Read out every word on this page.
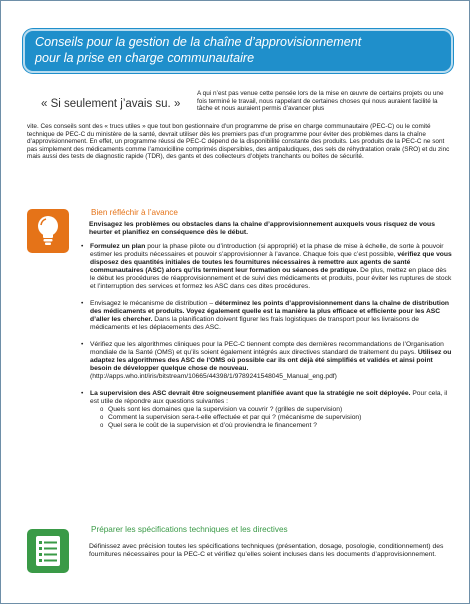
Conseils pour la gestion de la chaîne d’approvisionnement
pour la prise en charge communautaire
« Si seulement j’avais su. »
A qui n’est pas venue cette pensée lors de la mise en œuvre de certains projets ou une fois terminé le travail, nous rappelant de certaines choses qui nous auraient facilité la tâche et nous auraient permis d’avancer plus
vite. Ces conseils sont des « trucs utiles » que tout bon gestionnaire d’un programme de prise en charge communautaire (PEC-C) ou le comité technique de PEC-C du ministère de la santé, devrait utiliser dès les premiers pas d’un programme pour éviter des problèmes dans la chaîne d’approvisionnement. En effet, un programme réussi de PEC-C dépend de la disponibilité constante des produits. Les produits de la PEC-C ne sont pas simplement des médicaments comme l’amoxicilline comprimés dispersibles, des antipaludiques, des sels de réhydratation orale (SRO) et du zinc mais aussi des tests de diagnostic rapide (TDR), des gants et des collecteurs d’objets tranchants ou boîtes de sécurité.
Bien réfléchir à l’avance
Envisagez les problèmes ou obstacles dans la chaîne d’approvisionnement auxquels vous risquez de vous heurter et planifiez en conséquence dès le début.
• Formulez un plan pour la phase pilote ou d’introduction (si approprié) et la phase de mise à échelle, de sorte à pouvoir estimer les produits nécessaires et pouvoir s’approvisionner à l’avance. Chaque fois que c’est possible, vérifiez que vous disposez des quantités initiales de toutes les fournitures nécessaires à remettre aux agents de santé communautaires (ASC) alors qu’ils terminent leur formation ou séances de pratique. De plus, mettez en place dès le début les procédures de réapprovisionnement et de suivi des médicaments et produits, pour éviter les ruptures de stock et l’interruption des services et formez les ASC dans ces dites procédures.
• Envisagez le mécanisme de distribution – déterminez les points d’approvisionnement dans la chaîne de distribution des médicaments et produits. Voyez également quelle est la manière la plus efficace et efficiente pour les ASC d’aller les chercher. Dans la planification doivent figurer les frais logistiques de transport pour les livraisons de médicaments et les déplacements des ASC.
• Vérifiez que les algorithmes cliniques pour la PEC-C tiennent compte des dernières recommandations de l’Organisation mondiale de la Santé (OMS) et qu’ils soient également intégrés aux directives standard de traitement du pays. Utilisez ou adaptez les algorithmes des ASC de l’OMS où possible car ils ont déjà été simplifiés et validés et ainsi point besoin de développer quelque chose de nouveau. (http://apps.who.int/iris/bitstream/10665/44398/1/9789241548045_Manual_eng.pdf)
• La supervision des ASC devrait être soigneusement planifiée avant que la stratégie ne soit déployée. Pour cela, il est utile de répondre aux questions suivantes :
o Quels sont les domaines que la supervision va couvrir ? (grilles de supervision)
o Comment la supervision sera-t-elle effectuée et par qui ? (mécanisme de supervision)
o Quel sera le coût de la supervision et d’où proviendra le financement ?
Préparer les spécifications techniques et les directives
Définissez avec précision toutes les spécifications techniques (présentation, dosage, posologie, conditionnement) des fournitures nécessaires pour la PEC-C et vérifiez qu’elles soient incluses dans les documents d’approvisionnement.
